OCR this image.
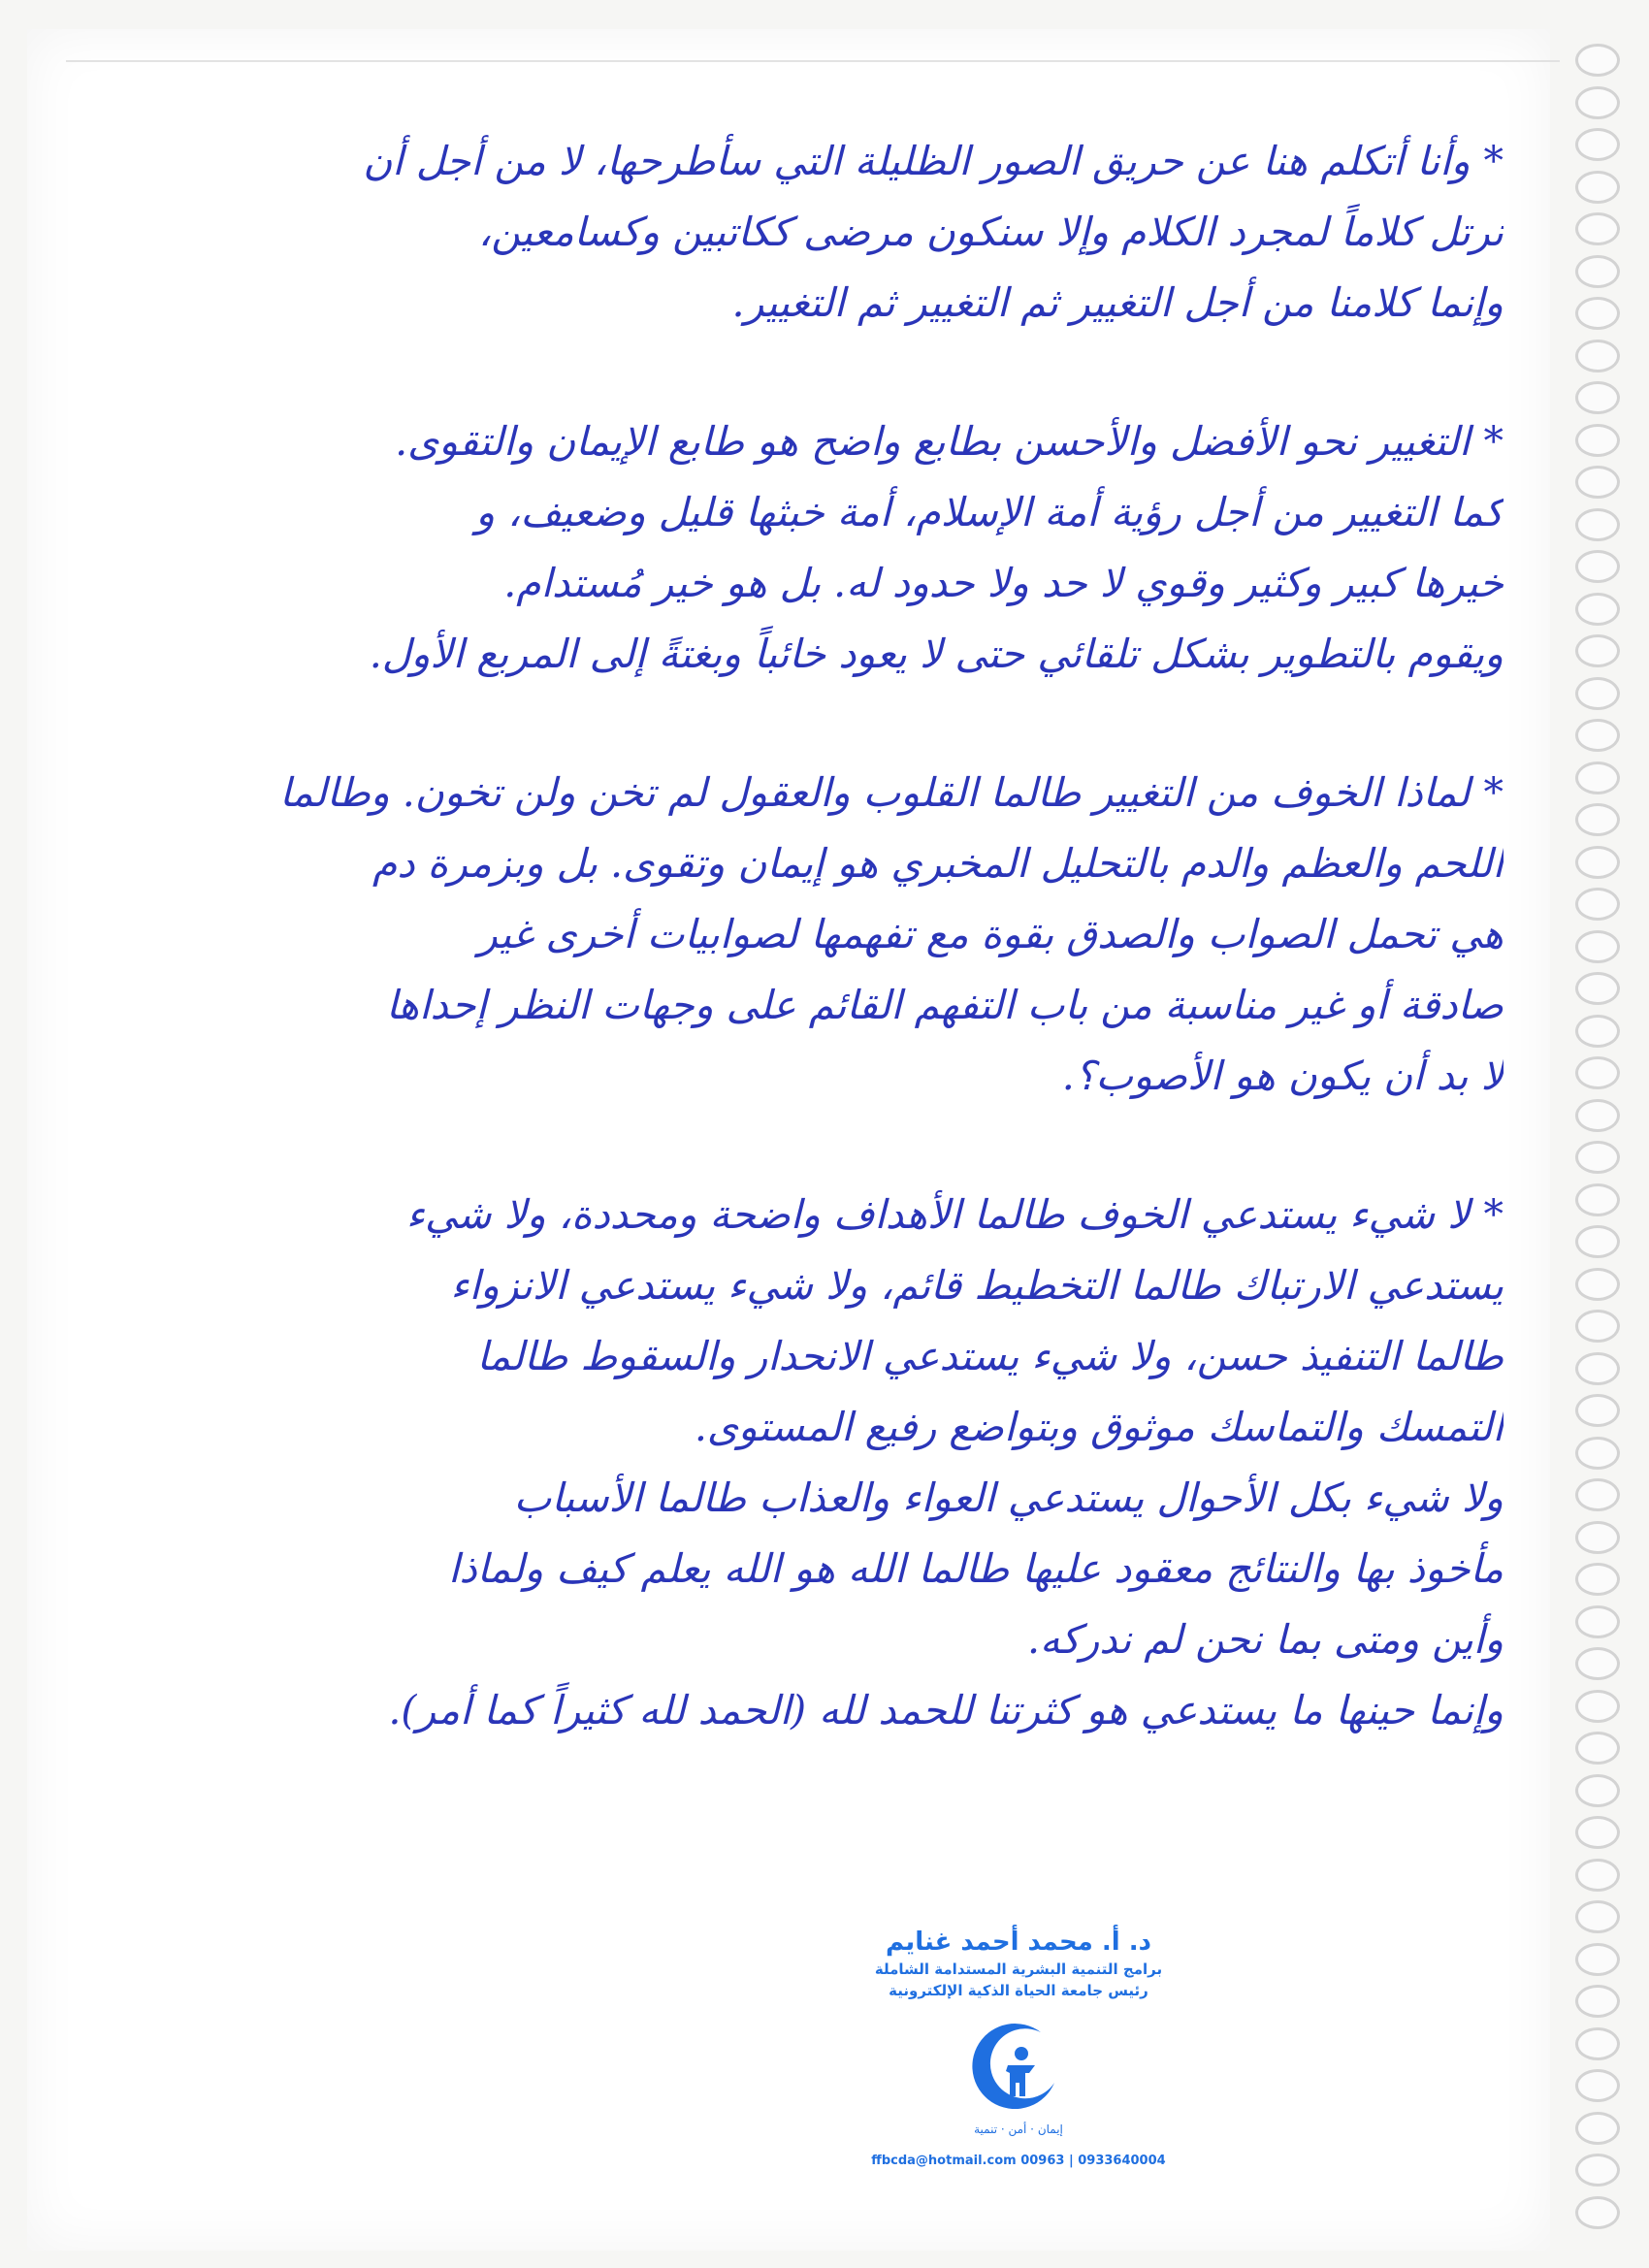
*وأنا أتكلم هنا عن حريق الصور الظليلة التي سأطرحها، لا من أجل أن
نرتل كلاماً لمجرد الكلام وإلا سنكون مرضى ككاتبين وكسامعين،
وإنما كلامنا من أجل التغيير ثم التغيير ثم التغيير.
*التغيير نحو الأفضل والأحسن بطابع واضح هو طابع الإيمان والتقوى.
كما التغيير من أجل رؤية أمة الإسلام، أمة خبثها قليل وضعيف، و
خيرها كبير وكثير وقوي لا حد ولا حدود له. بل هو خير مُستدام.
ويقوم بالتطوير بشكل تلقائي حتى لا يعود خائباً وبغتةً إلى المربع الأول.
*لماذا الخوف من التغيير طالما القلوب والعقول لم تخن ولن تخون. وطالما
اللحم والعظم والدم بالتحليل المخبري هو إيمان وتقوى. بل وبزمرة دم
هي تحمل الصواب والصدق بقوة مع تفهمها لصوابيات أخرى غير
صادقة أو غير مناسبة من باب التفهم القائم على وجهات النظر إحداها
لا بد أن يكون هو الأصوب؟.
*لا شيء يستدعي الخوف طالما الأهداف واضحة ومحددة، ولا شيء
يستدعي الارتباك طالما التخطيط قائم، ولا شيء يستدعي الانزواء
طالما التنفيذ حسن، ولا شيء يستدعي الانحدار والسقوط طالما
التمسك والتماسك موثوق وبتواضع رفيع المستوى.
ولا شيء بكل الأحوال يستدعي العواء والعذاب طالما الأسباب
مأخوذ بها والنتائج معقود عليها طالما الله هو الله يعلم كيف ولماذا
وأين ومتى بما نحن لم ندركه.
وإنما حينها ما يستدعي هو كثرتنا للحمد لله (الحمد لله كثيراً كما أمر).
د. أ. محمد أحمد غنايم
برامج التنمية البشرية المستدامة الشاملة
رئيس جامعة الحياة الذكية الإلكترونية
إيمان · أمن · تنمية
ffbcda@hotmail.com 00963 | 0933640004
